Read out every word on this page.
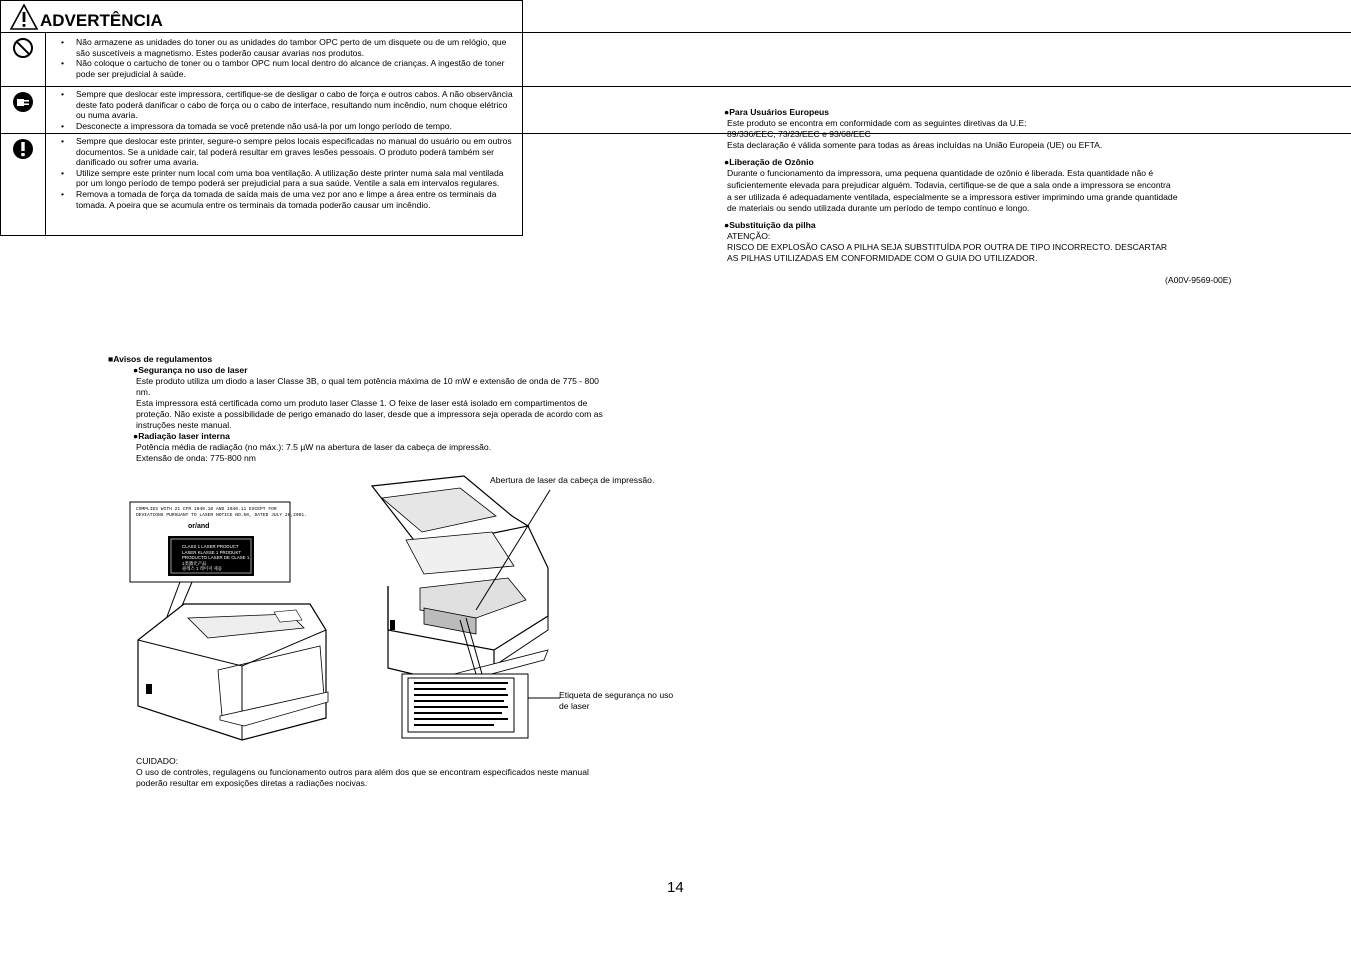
ADVERTÊNCIA
• Não armazene as unidades do toner ou as unidades do tambor OPC perto de um disquete ou de um relógio, que são suscetíveis a magnetismo. Estes poderão causar avarias nos produtos.
• Não coloque o cartucho de toner ou o tambor OPC num local dentro do alcance de crianças. A ingestão de toner pode ser prejudicial à saúde.
• Sempre que deslocar este impressora, certifique-se de desligar o cabo de força e outros cabos. A não observância deste fato poderá danificar o cabo de força ou o cabo de interface, resultando num incêndio, num choque elétrico ou numa avaria.
• Desconecte a impressora da tomada se você pretende não usá-la por um longo período de tempo.
• Sempre que deslocar este printer, segure-o sempre pelos locais especificadas no manual do usuário ou em outros documentos. Se a unidade cair, tal poderá resultar em graves lesões pessoais. O produto poderá também ser danificado ou sofrer uma avaria.
• Utilize sempre este printer num local com uma boa ventilação. A utilização deste printer numa sala mal ventilada por um longo período de tempo poderá ser prejudicial para a sua saúde. Ventile a sala em intervalos regulares.
• Remova a tomada de força da tomada de saída mais de uma vez por ano e limpe a área entre os terminais da tomada. A poeira que se acumula entre os terminais da tomada poderão causar um incêndio.
■Avisos de regulamentos
●Segurança no uso de laser
Este produto utiliza um diodo a laser Classe 3B, o qual tem potência máxima de 10 mW e extensão de onda de 775 - 800
nm.
Esta impressora está certificada como um produto laser Classe 1. O feixe de laser está isolado em compartimentos de
proteção. Não existe a possibilidade de perigo emanado do laser, desde que a impressora seja operada de acordo com as
instruções neste manual.
●Radiação laser interna
Potência média de radiação (no máx.): 7.5 µW na abertura de laser da cabeça de impressão.
Extensão de onda: 775-800 nm
COMPLIES WITH 21 CFR 1040.10 AND 1040.11 EXCEPT FOR
DEVIATIONS PURSUANT TO LASER NOTICE NO.50, DATED JULY 26,2001.
or/and
CLASS 1 LASER PRODUCT
LASER KLASSE 1 PRODUKT
PRODUCTO LASER DE CLASE 1
1类激光产品
클래스 1 레이저 제품
Abertura de laser da cabeça de impressão.
Etiqueta de segurança no uso de laser
CUIDADO:
O uso de controles, regulagens ou funcionamento outros para além dos que se encontram especificados neste manual
poderão resultar em exposições diretas a radiações nocivas.
●Para Usuários Europeus
Este produto se encontra em conformidade com as seguintes diretivas da U.E:
89/336/EEC, 73/23/EEC e 93/68/EEC
Esta declaração é válida somente para todas as áreas incluídas na União Europeia (UE) ou EFTA.
●Liberação de Ozônio
Durante o funcionamento da impressora, uma pequena quantidade de ozônio é liberada. Esta quantidade não é
suficientemente elevada para prejudicar alguém. Todavia, certifique-se de que a sala onde a impressora se encontra
a ser utilizada é adequadamente ventilada, especialmente se a impressora estiver imprimindo uma grande quantidade
de materiais ou sendo utilizada durante um período de tempo contínuo e longo.
●Substituição da pilha
ATENÇÃO:
RISCO DE EXPLOSÃO CASO A PILHA SEJA SUBSTITUÍDA POR OUTRA DE TIPO INCORRECTO. DESCARTAR
AS PILHAS UTILIZADAS EM CONFORMIDADE COM O GUIA DO UTILIZADOR.
(A00V-9569-00E)
14
